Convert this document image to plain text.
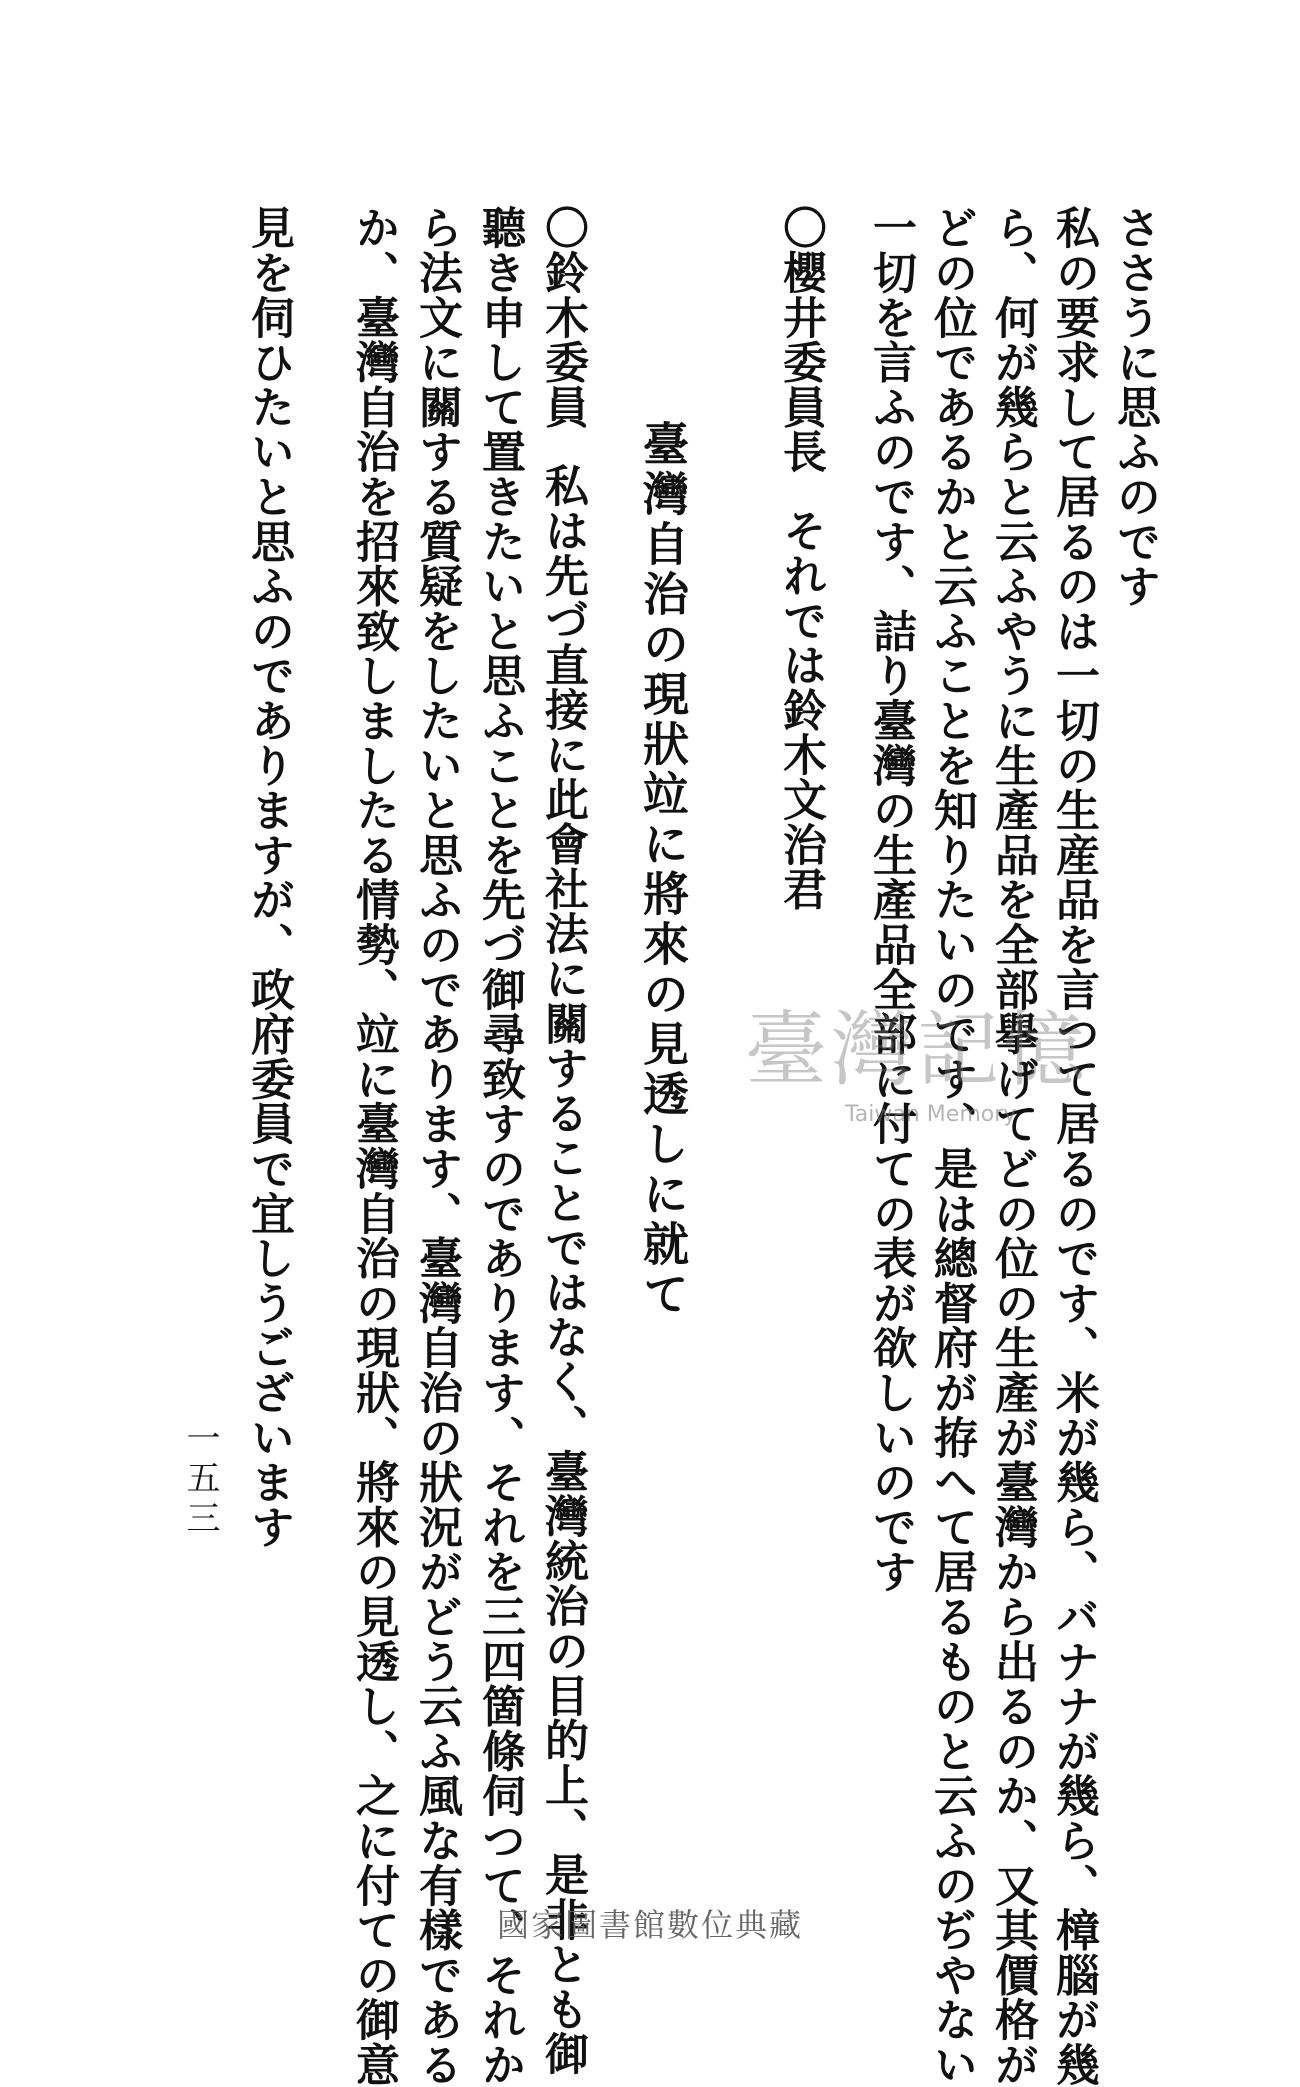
ささうに思ふのです
私の要求して居るのは一切の生産品を言つて居るのです、米が幾ら、バナナが幾ら、樟腦が幾
ら、何が幾らと云ふやうに生產品を全部擧げてどの位の生產が臺灣から出るのか、又其價格が
どの位であるかと云ふことを知りたいのです、是は總督府が拵へて居るものと云ふのぢやない
一切を言ふのです、詰り臺灣の生產品全部に付ての表が欲しいのです
〇櫻井委員長それでは鈴木文治君
臺灣自治の現狀竝に將來の見透しに就て
〇鈴木委員私は先づ直接に此會社法に關することではなく、臺灣統治の目的上、是非とも御
聽き申して置きたいと思ふことを先づ御尋致すのであります、それを三四箇條伺つて、それか
ら法文に關する質疑をしたいと思ふのであります、臺灣自治の狀況がどう云ふ風な有樣である
か、臺灣自治を招來致しましたる情勢、竝に臺灣自治の現狀、將來の見透し、之に付ての御意
見を伺ひたいと思ふのでありますが、政府委員で宜しうございます
一五三
臺灣記憶
Taiwan Memory
國家圖書館數位典藏
